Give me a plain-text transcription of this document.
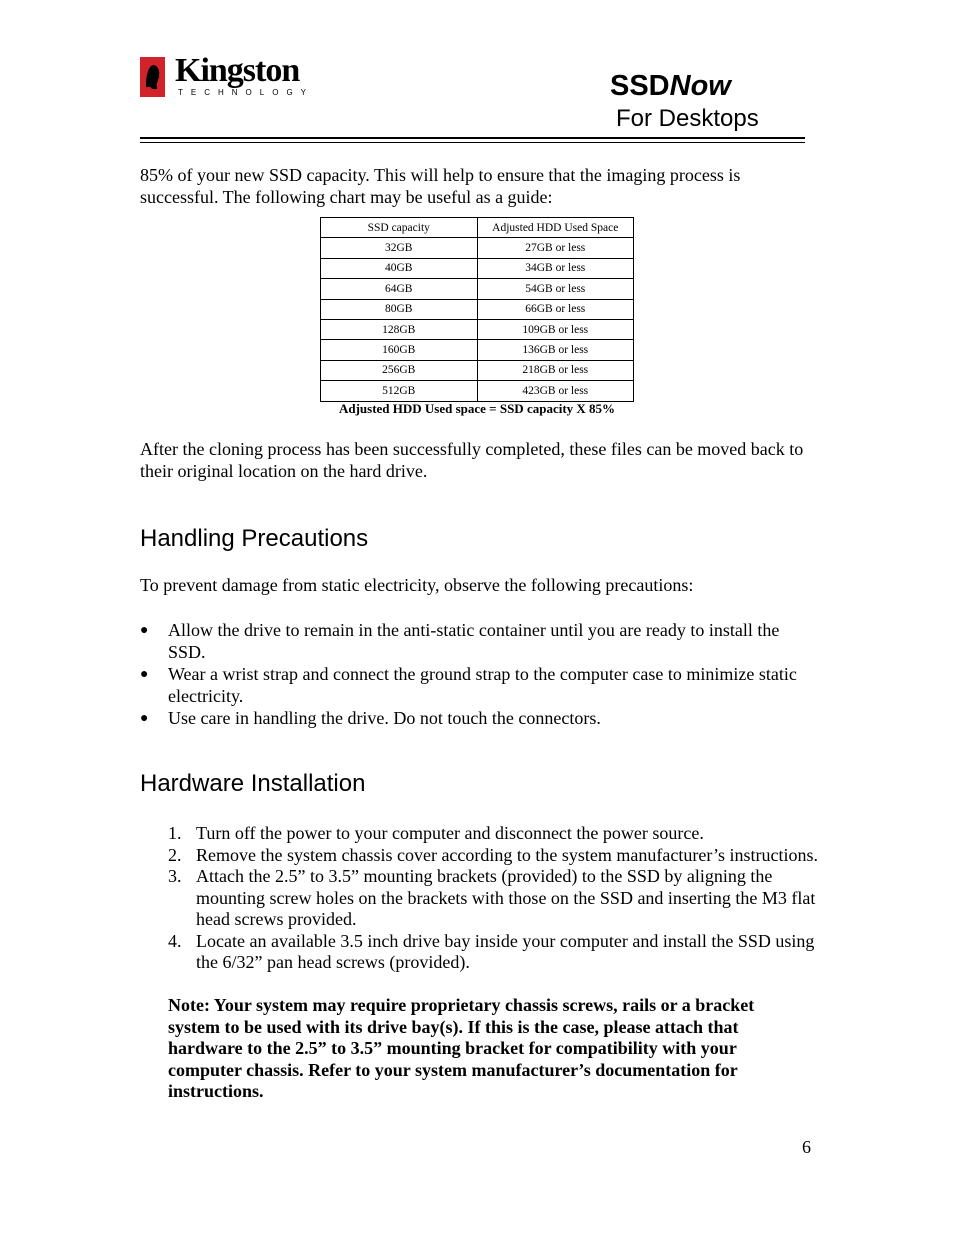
Kingston
TECHNOLOGY	SSDNow
For Desktops

85% of your new SSD capacity. This will help to ensure that the imaging process is successful. The following chart may be useful as a guide:

SSD capacity	Adjusted HDD Used Space
32GB	27GB or less
40GB	34GB or less
64GB	54GB or less
80GB	66GB or less
128GB	109GB or less
160GB	136GB or less
256GB	218GB or less
512GB	423GB or less
Adjusted HDD Used space = SSD capacity X 85%

After the cloning process has been successfully completed, these files can be moved back to their original location on the hard drive.

Handling Precautions

To prevent damage from static electricity, observe the following precautions:

● Allow the drive to remain in the anti-static container until you are ready to install the SSD.
● Wear a wrist strap and connect the ground strap to the computer case to minimize static electricity.
● Use care in handling the drive. Do not touch the connectors.
Hardware Installation
1. Turn off the power to your computer and disconnect the power source.
2. Remove the system chassis cover according to the system manufacturer’s instructions.
3. Attach the 2.5” to 3.5” mounting brackets (provided) to the SSD by aligning the mounting screw holes on the brackets with those on the SSD and inserting the M3 flat head screws provided.
4. Locate an available 3.5 inch drive bay inside your computer and install the SSD using the 6/32” pan head screws (provided).

Note: Your system may require proprietary chassis screws, rails or a bracket system to be used with its drive bay(s). If this is the case, please attach that hardware to the 2.5” to 3.5” mounting bracket for compatibility with your computer chassis. Refer to your system manufacturer’s documentation for instructions.

6
